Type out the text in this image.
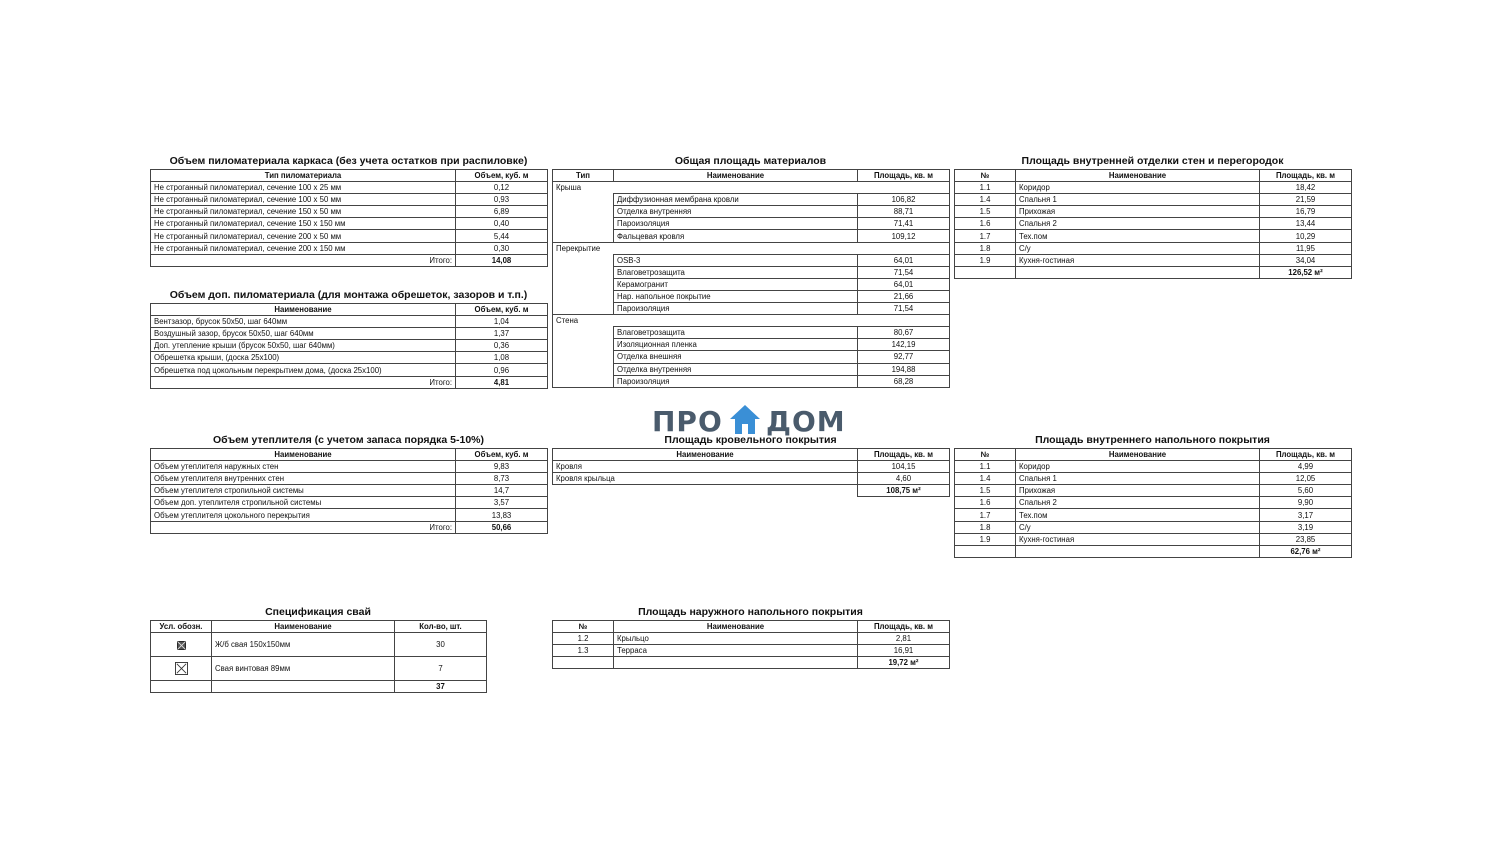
Объем пиломатериала каркаса (без учета остатков при распиловке)
Тип пиломатериала	Объем, куб. м
Не строганный пиломатериал, сечение 100 x 25 мм	0,12
Не строганный пиломатериал, сечение 100 x 50 мм	0,93
Не строганный пиломатериал, сечение 150 x 50 мм	6,89
Не строганный пиломатериал, сечение 150 x 150 мм	0,40
Не строганный пиломатериал, сечение 200 x 50 мм	5,44
Не строганный пиломатериал, сечение 200 x 150 мм	0,30
Итого:	14,08
Объем доп. пиломатериала (для монтажа обрешеток, зазоров и т.п.)
Наименование	Объем, куб. м
Вентзазор, брусок 50x50, шаг 640мм	1,04
Воздушный зазор, брусок 50x50, шаг 640мм	1,37
Доп. утепление крыши (брусок 50x50, шаг 640мм)	0,36
Обрешетка крыши, (доска 25x100)	1,08
Обрешетка под цокольным перекрытием дома, (доска 25x100)	0,96
Итого:	4,81
Объем утеплителя (с учетом запаса порядка 5-10%)
Наименование	Объем, куб. м
Объем утеплителя наружных стен	9,83
Объем утеплителя внутренних стен	8,73
Объем утеплителя стропильной системы	14,7
Объем доп. утеплителя стропильной системы	3,57
Объем утеплителя цокольного перекрытия	13,83
Итого:	50,66
Спецификация свай
Усл. обозн.	Наименование	Кол-во, шт.
	Ж/б свая 150x150мм	30
	Свая винтовая 89мм	7
		37
Общая площадь материалов
Тип	Наименование	Площадь, кв. м
Крыша		
	Диффузионная мембрана кровли	106,82
	Отделка внутренняя	88,71
	Пароизоляция	71,41
	Фальцевая кровля	109,12
Перекрытие		
	OSB-3	64,01
	Влаговетрозащита	71,54
	Керамогранит	64,01
	Нар. напольное покрытие	21,66
	Пароизоляция	71,54
Стена		
	Влаговетрозащита	80,67
	Изоляционная пленка	142,19
	Отделка внешняя	92,77
	Отделка внутренняя	194,88
	Пароизоляция	68,28
Площадь кровельного покрытия
Наименование	Площадь, кв. м
Кровля	104,15
Кровля крыльца	4,60
	108,75 м²
Площадь наружного напольного покрытия
№	Наименование	Площадь, кв. м
1.2	Крыльцо	2,81
1.3	Терраса	16,91
		19,72 м²
Площадь внутренней отделки стен и перегородок
№	Наименование	Площадь, кв. м
1.1	Коридор	18,42
1.4	Спальня 1	21,59
1.5	Прихожая	16,79
1.6	Спальня 2	13,44
1.7	Тех.пом	10,29
1.8	С/у	11,95
1.9	Кухня-гостиная	34,04
		126,52 м²
Площадь внутреннего напольного покрытия
№	Наименование	Площадь, кв. м
1.1	Коридор	4,99
1.4	Спальня 1	12,05
1.5	Прихожая	5,60
1.6	Спальня 2	9,90
1.7	Тех.пом	3,17
1.8	С/у	3,19
1.9	Кухня-гостиная	23,85
		62,76 м²
ПРО ДОМ
